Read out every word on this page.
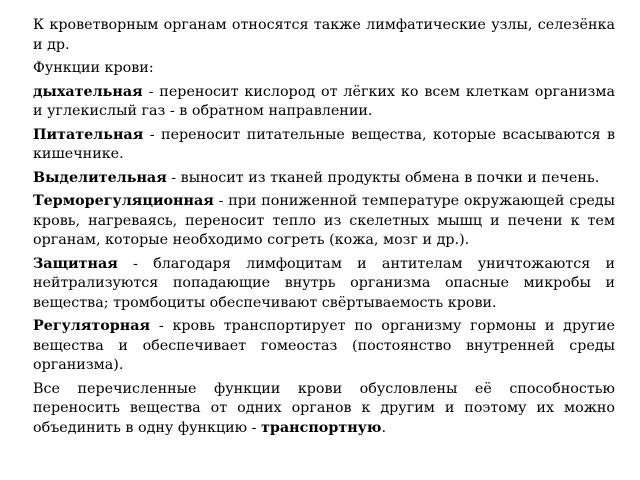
К кроветворным органам относятся также лимфатические узлы, селезёнка и др.

Функции крови:

дыхательная - переносит кислород от лёгких ко всем клеткам организма и углекислый газ - в обратном направлении.

Питательная - переносит питательные вещества, которые всасываются в кишечнике.

Выделительная - выносит из тканей продукты обмена в почки и печень.

Терморегуляционная - при пониженной температуре окружающей среды кровь, нагреваясь, переносит тепло из скелетных мышц и печени к тем органам, которые необходимо согреть (кожа, мозг и др.).

Защитная - благодаря лимфоцитам и антителам уничтожаются и нейтрализуются попадающие внутрь организма опасные микробы и вещества; тромбоциты обеспечивают свёртываемость крови.

Регуляторная - кровь транспортирует по организму гормоны и другие вещества и обеспечивает гомеостаз (постоянство внутренней среды организма).

Все перечисленные функции крови обусловлены её способностью переносить вещества от одних органов к другим и поэтому их можно объединить в одну функцию - транспортную.
